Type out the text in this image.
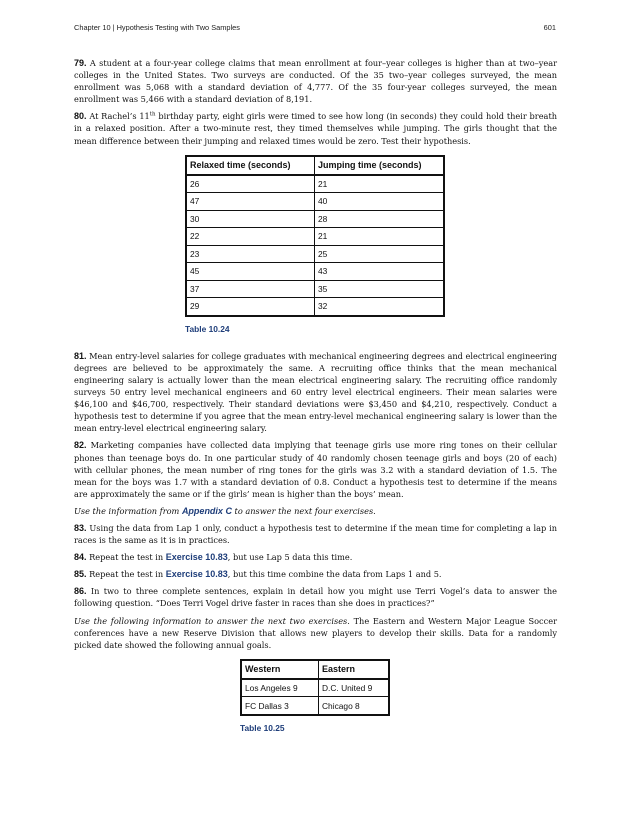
Chapter 10 | Hypothesis Testing with Two Samples	601

79. A student at a four-year college claims that mean enrollment at four–year colleges is higher than at two–year colleges in the United States. Two surveys are conducted. Of the 35 two–year colleges surveyed, the mean enrollment was 5,068 with a standard deviation of 4,777. Of the 35 four-year colleges surveyed, the mean enrollment was 5,466 with a standard deviation of 8,191.

80. At Rachel’s 11th birthday party, eight girls were timed to see how long (in seconds) they could hold their breath in a relaxed position. After a two-minute rest, they timed themselves while jumping. The girls thought that the mean difference between their jumping and relaxed times would be zero. Test their hypothesis.

Relaxed time (seconds)	Jumping time (seconds)
26	21
47	40
30	28
22	21
23	25
45	43
37	35
29	32
Table 10.24

81. Mean entry-level salaries for college graduates with mechanical engineering degrees and electrical engineering degrees are believed to be approximately the same. A recruiting office thinks that the mean mechanical engineering salary is actually lower than the mean electrical engineering salary. The recruiting office randomly surveys 50 entry level mechanical engineers and 60 entry level electrical engineers. Their mean salaries were $46,100 and $46,700, respectively. Their standard deviations were $3,450 and $4,210, respectively. Conduct a hypothesis test to determine if you agree that the mean entry-level mechanical engineering salary is lower than the mean entry-level electrical engineering salary.

82. Marketing companies have collected data implying that teenage girls use more ring tones on their cellular phones than teenage boys do. In one particular study of 40 randomly chosen teenage girls and boys (20 of each) with cellular phones, the mean number of ring tones for the girls was 3.2 with a standard deviation of 1.5. The mean for the boys was 1.7 with a standard deviation of 0.8. Conduct a hypothesis test to determine if the means are approximately the same or if the girls’ mean is higher than the boys’ mean.

Use the information from Appendix C to answer the next four exercises.

83. Using the data from Lap 1 only, conduct a hypothesis test to determine if the mean time for completing a lap in races is the same as it is in practices.

84. Repeat the test in Exercise 10.83, but use Lap 5 data this time.

85. Repeat the test in Exercise 10.83, but this time combine the data from Laps 1 and 5.

86. In two to three complete sentences, explain in detail how you might use Terri Vogel’s data to answer the following question. “Does Terri Vogel drive faster in races than she does in practices?”

Use the following information to answer the next two exercises. The Eastern and Western Major League Soccer conferences have a new Reserve Division that allows new players to develop their skills. Data for a randomly picked date showed the following annual goals.

Western	Eastern
Los Angeles 9	D.C. United 9
FC Dallas 3	Chicago 8
Table 10.25
